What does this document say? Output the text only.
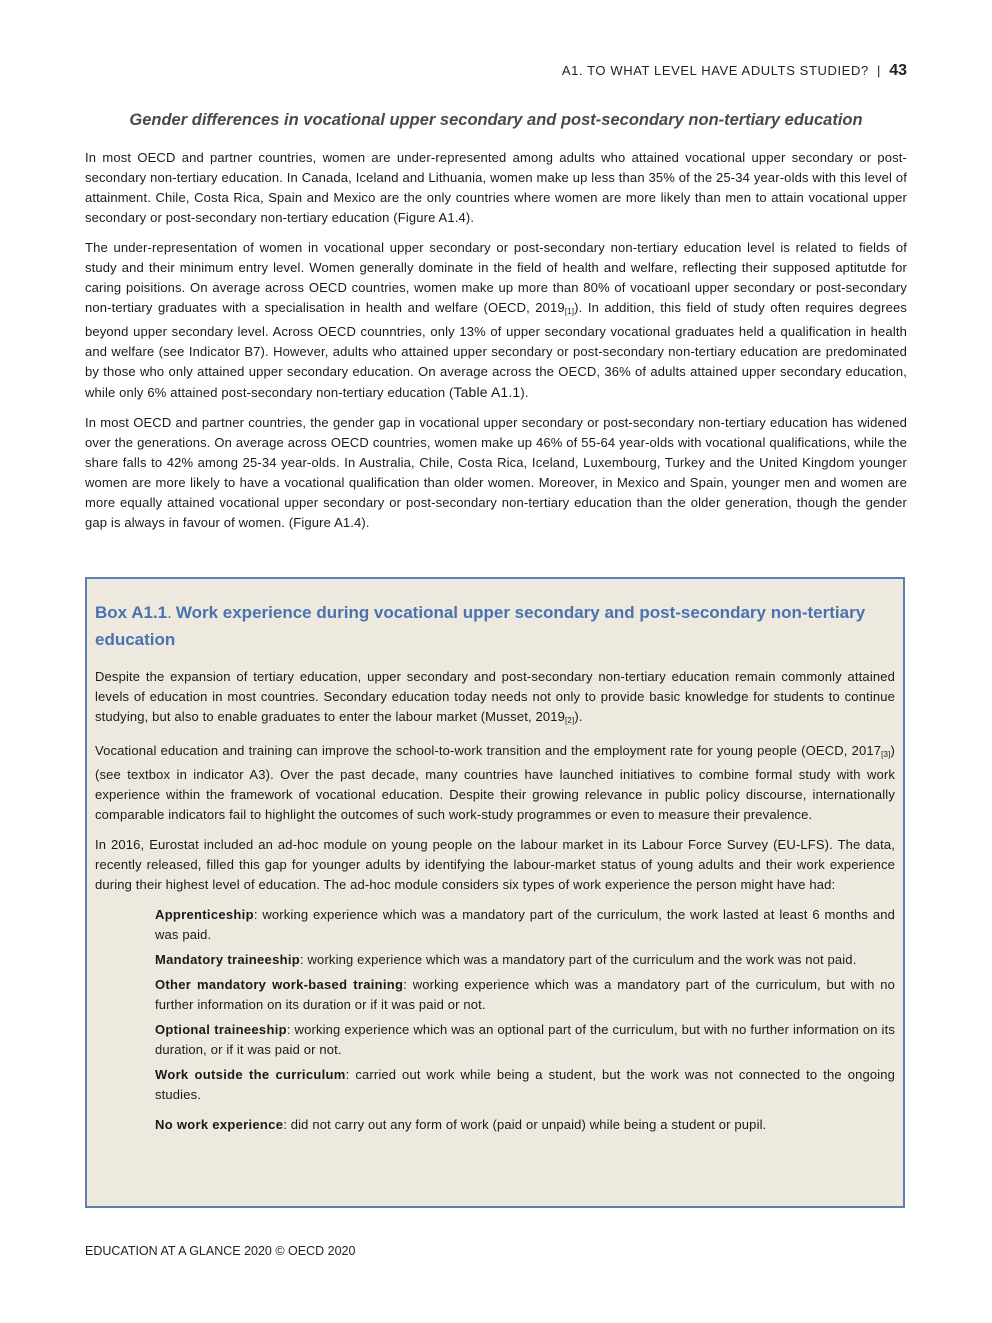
A1. TO WHAT LEVEL HAVE ADULTS STUDIED? | 43
Gender differences in vocational upper secondary and post-secondary non-tertiary education

In most OECD and partner countries, women are under-represented among adults who attained vocational upper secondary or post-secondary non-tertiary education. In Canada, Iceland and Lithuania, women make up less than 35% of the 25-34 year-olds with this level of attainment. Chile, Costa Rica, Spain and Mexico are the only countries where women are more likely than men to attain vocational upper secondary or post-secondary non-tertiary education (Figure A1.4).

The under-representation of women in vocational upper secondary or post-secondary non-tertiary education level is related to fields of study and their minimum entry level. Women generally dominate in the field of health and welfare, reflecting their supposed aptitutde for caring poisitions. On average across OECD countries, women make up more than 80% of vocatioanl upper secondary or post-secondary non-tertiary graduates with a specialisation in health and welfare (OECD, $2019_{[1]}$). In addition, this field of study often requires degrees beyond upper secondary level. Across OECD counntries, only 13% of upper secondary vocational graduates held a qualification in health and welfare (see Indicator B7). However, adults who attained upper secondary or post-secondary non-tertiary education are predominated by those who only attained upper secondary education. On average across the OECD, 36% of adults attained upper secondary education, while only 6% attained post-secondary non-tertiary education (Table A1.1).

In most OECD and partner countries, the gender gap in vocational upper secondary or post-secondary non-tertiary education has widened over the generations. On average across OECD countries, women make up 46% of 55-64 year-olds with vocational qualifications, while the share falls to 42% among 25-34 year-olds. In Australia, Chile, Costa Rica, Iceland, Luxembourg, Turkey and the United Kingdom younger women are more likely to have a vocational qualification than older women. Moreover, in Mexico and Spain, younger men and women are more equally attained vocational upper secondary or post-secondary non-tertiary education than the older generation, though the gender gap is always in favour of women. (Figure A1.4).

Box A1.1. Work experience during vocational upper secondary and post-secondary non-tertiary education

Despite the expansion of tertiary education, upper secondary and post-secondary non-tertiary education remain commonly attained levels of education in most countries. Secondary education today needs not only to provide basic knowledge for students to continue studying, but also to enable graduates to enter the labour market (Musset, $2019_{[2]}$).

Vocational education and training can improve the school-to-work transition and the employment rate for young people (OECD, $2017_{[3]}$) (see textbox in indicator A3). Over the past decade, many countries have launched initiatives to combine formal study with work experience within the framework of vocational education. Despite their growing relevance in public policy discourse, internationally comparable indicators fail to highlight the outcomes of such work-study programmes or even to measure their prevalence.

In 2016, Eurostat included an ad-hoc module on young people on the labour market in its Labour Force Survey (EU-LFS). The data, recently released, filled this gap for younger adults by identifying the labour-market status of young adults and their work experience during their highest level of education. The ad-hoc module considers six types of work experience the person might have had:

Apprenticeship: working experience which was a mandatory part of the curriculum, the work lasted at least 6 months and was paid.
Mandatory traineeship: working experience which was a mandatory part of the curriculum and the work was not paid.
Other mandatory work-based training: working experience which was a mandatory part of the curriculum, but with no further information on its duration or if it was paid or not.
Optional traineeship: working experience which was an optional part of the curriculum, but with no further information on its duration, or if it was paid or not.
Work outside the curriculum: carried out work while being a student, but the work was not connected to the ongoing studies.
No work experience: did not carry out any form of work (paid or unpaid) while being a student or pupil.
EDUCATION AT A GLANCE 2020 © OECD 2020
